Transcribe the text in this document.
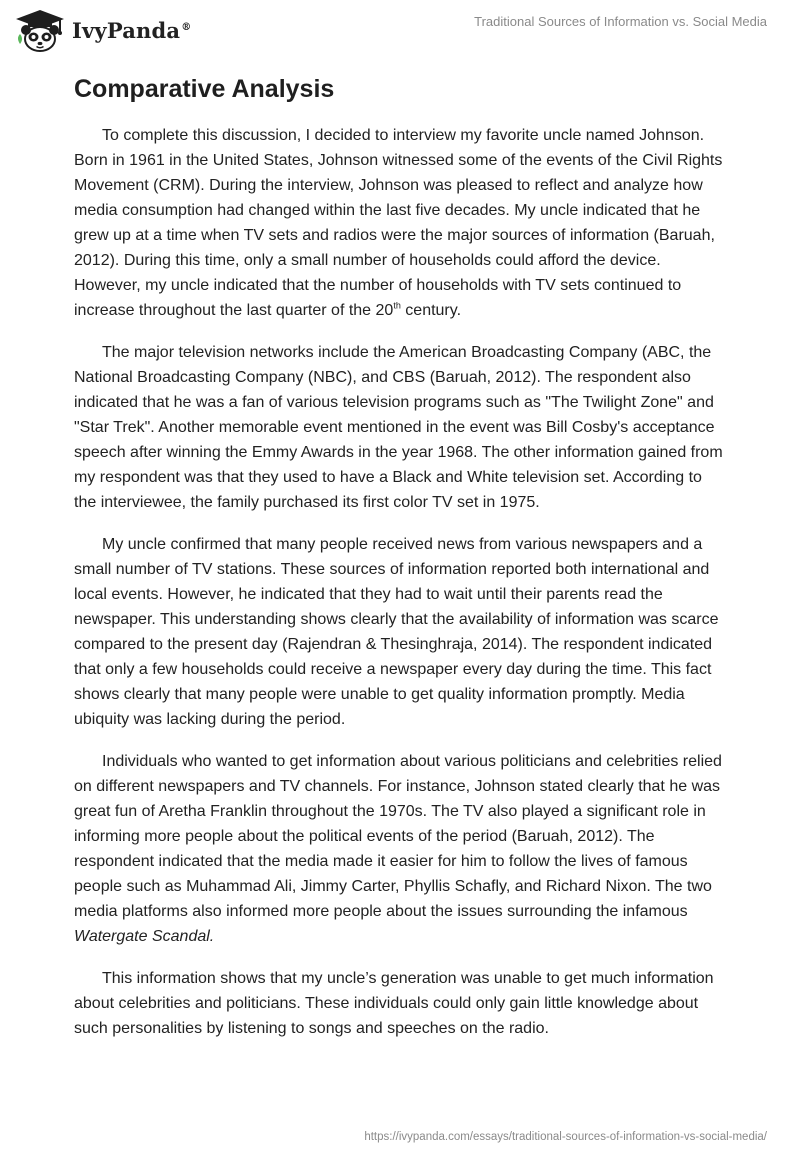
IvyPanda®	Traditional Sources of Information vs. Social Media
Comparative Analysis

To complete this discussion, I decided to interview my favorite uncle named Johnson. Born in 1961 in the United States, Johnson witnessed some of the events of the Civil Rights Movement (CRM). During the interview, Johnson was pleased to reflect and analyze how media consumption had changed within the last five decades. My uncle indicated that he grew up at a time when TV sets and radios were the major sources of information (Baruah, 2012). During this time, only a small number of households could afford the device. However, my uncle indicated that the number of households with TV sets continued to increase throughout the last quarter of the 20th century.

The major television networks include the American Broadcasting Company (ABC, the National Broadcasting Company (NBC), and CBS (Baruah, 2012). The respondent also indicated that he was a fan of various television programs such as "The Twilight Zone" and "Star Trek". Another memorable event mentioned in the event was Bill Cosby's acceptance speech after winning the Emmy Awards in the year 1968. The other information gained from my respondent was that they used to have a Black and White television set. According to the interviewee, the family purchased its first color TV set in 1975.

My uncle confirmed that many people received news from various newspapers and a small number of TV stations. These sources of information reported both international and local events. However, he indicated that they had to wait until their parents read the newspaper. This understanding shows clearly that the availability of information was scarce compared to the present day (Rajendran & Thesinghraja, 2014). The respondent indicated that only a few households could receive a newspaper every day during the time. This fact shows clearly that many people were unable to get quality information promptly. Media ubiquity was lacking during the period.

Individuals who wanted to get information about various politicians and celebrities relied on different newspapers and TV channels. For instance, Johnson stated clearly that he was great fun of Aretha Franklin throughout the 1970s. The TV also played a significant role in informing more people about the political events of the period (Baruah, 2012). The respondent indicated that the media made it easier for him to follow the lives of famous people such as Muhammad Ali, Jimmy Carter, Phyllis Schafly, and Richard Nixon. The two media platforms also informed more people about the issues surrounding the infamous Watergate Scandal.

This information shows that my uncle’s generation was unable to get much information about celebrities and politicians. These individuals could only gain little knowledge about such personalities by listening to songs and speeches on the radio.

https://ivypanda.com/essays/traditional-sources-of-information-vs-social-media/
